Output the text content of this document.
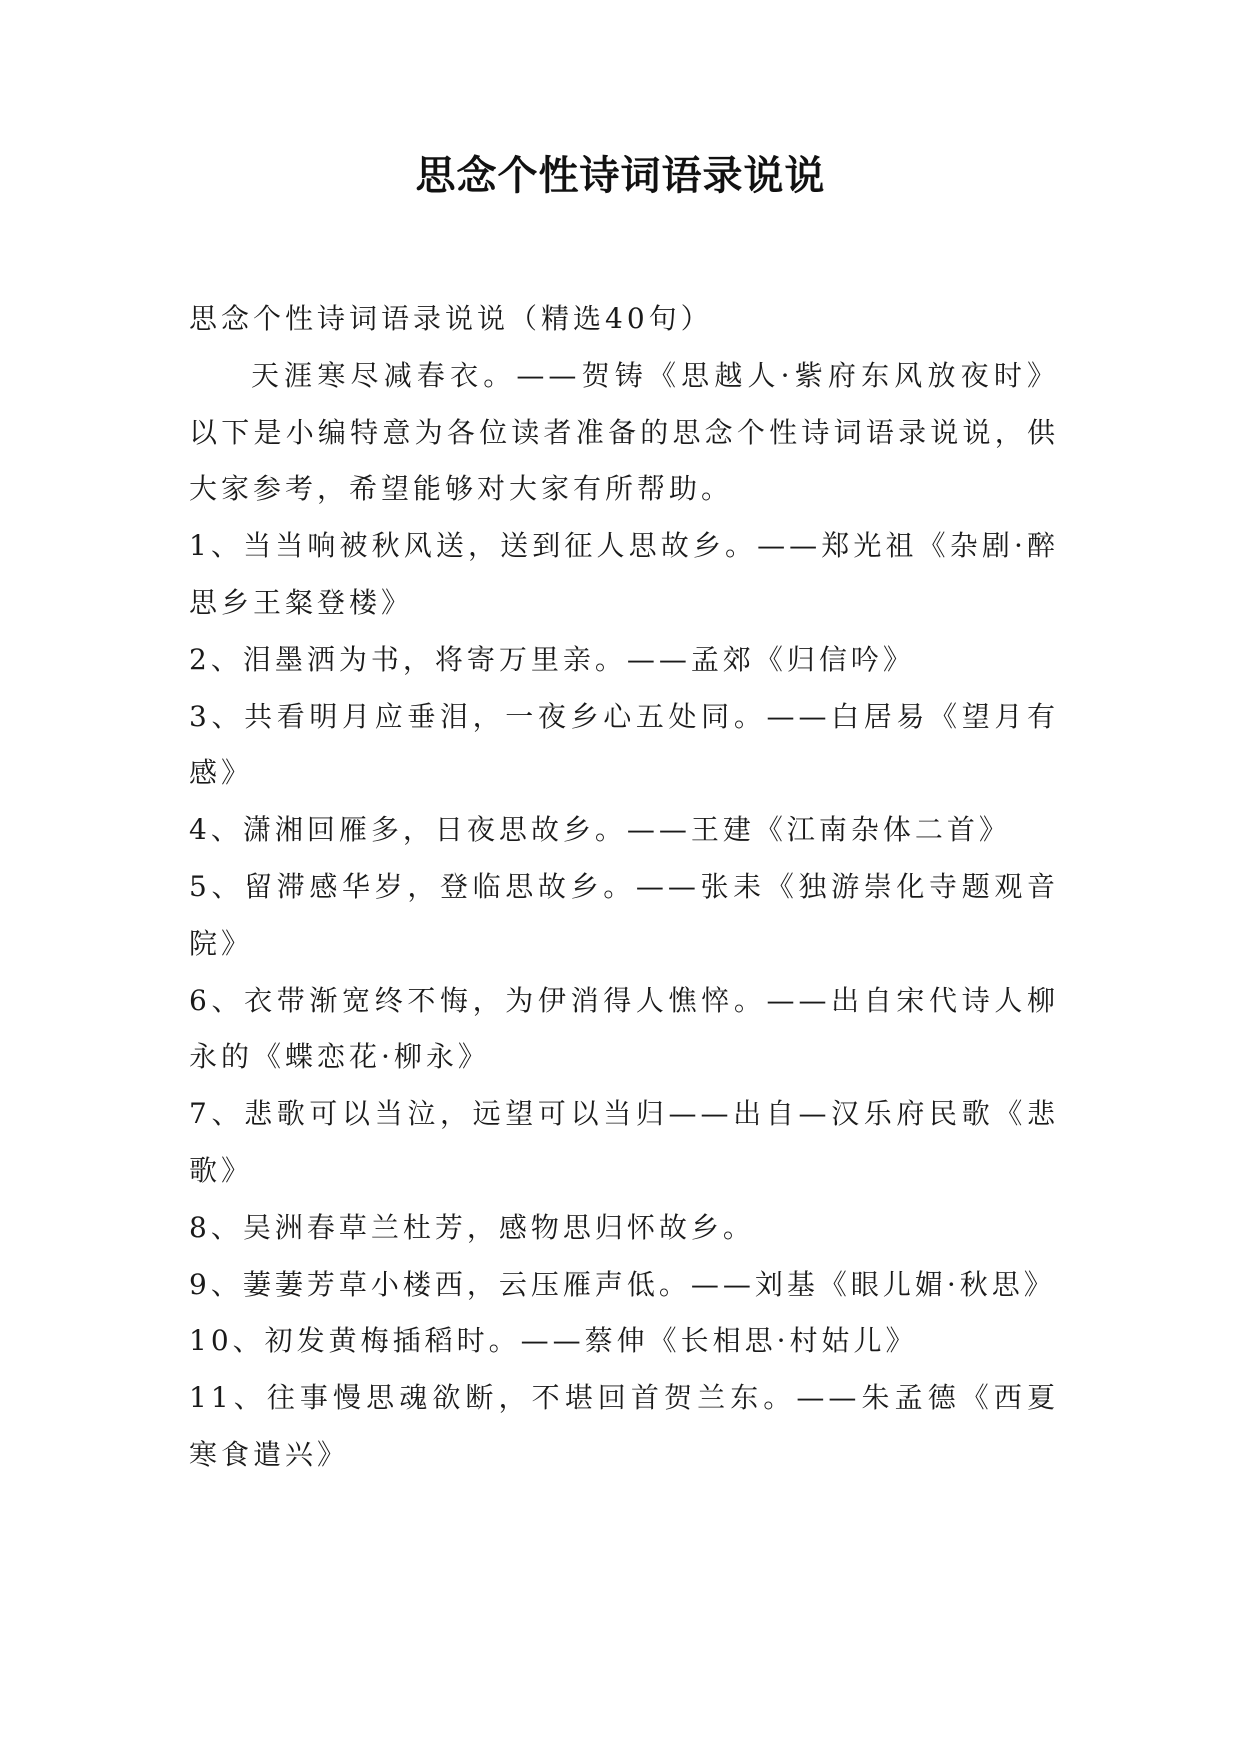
思念个性诗词语录说说

思念个性诗词语录说说（精选40句）

天涯寒尽减春衣。——贺铸《思越人·紫府东风放夜时》以下是小编特意为各位读者准备的思念个性诗词语录说说，供大家参考，希望能够对大家有所帮助。

1、当当响被秋风送，送到征人思故乡。——郑光祖《杂剧·醉思乡王粲登楼》

2、泪墨洒为书，将寄万里亲。——孟郊《归信吟》

3、共看明月应垂泪，一夜乡心五处同。——白居易《望月有感》

4、潇湘回雁多，日夜思故乡。——王建《江南杂体二首》

5、留滞感华岁，登临思故乡。——张耒《独游崇化寺题观音院》

6、衣带渐宽终不悔，为伊消得人憔悴。——出自宋代诗人柳永的《蝶恋花·柳永》

7、悲歌可以当泣，远望可以当归——出自—汉乐府民歌《悲歌》

8、吴洲春草兰杜芳，感物思归怀故乡。

9、萋萋芳草小楼西，云压雁声低。——刘基《眼儿媚·秋思》

10、初发黄梅插稻时。——蔡伸《长相思·村姑儿》

11、往事慢思魂欲断，不堪回首贺兰东。——朱孟德《西夏寒食遣兴》
